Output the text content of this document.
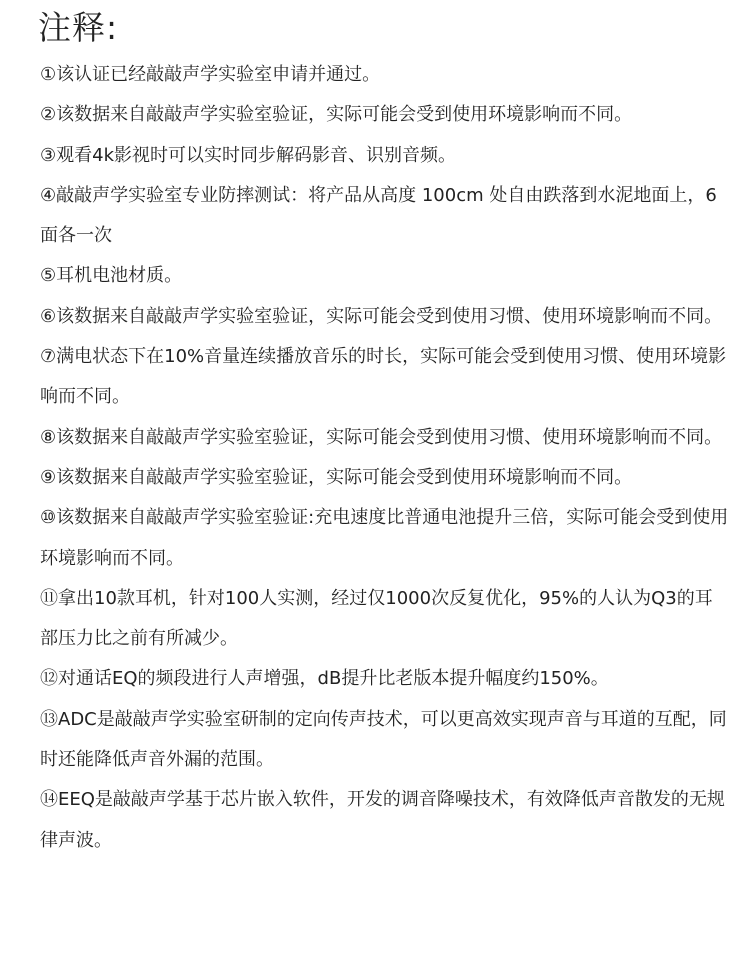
注释:
①该认证已经敲敲声学实验室申请并通过。
②该数据来自敲敲声学实验室验证，实际可能会受到使用环境影响而不同。
③观看4k影视时可以实时同步解码影音、识别音频。
④敲敲声学实验室专业防摔测试：将产品从高度 100cm 处自由跌落到水泥地面上，6面各一次
⑤耳机电池材质。
⑥该数据来自敲敲声学实验室验证，实际可能会受到使用习惯、使用环境影响而不同。
⑦满电状态下在10%音量连续播放音乐的时长，实际可能会受到使用习惯、使用环境影响而不同。
⑧该数据来自敲敲声学实验室验证，实际可能会受到使用习惯、使用环境影响而不同。
⑨该数据来自敲敲声学实验室验证，实际可能会受到使用环境影响而不同。
⑩该数据来自敲敲声学实验室验证:充电速度比普通电池提升三倍，实际可能会受到使用环境影响而不同。
⑪拿出10款耳机，针对100人实测，经过仅1000次反复优化，95%的人认为Q3的耳部压力比之前有所减少。
⑫对通话EQ的频段进行人声增强，dB提升比老版本提升幅度约150%。
⑬ADC是敲敲声学实验室研制的定向传声技术，可以更高效实现声音与耳道的互配，同时还能降低声音外漏的范围。
⑭EEQ是敲敲声学基于芯片嵌入软件，开发的调音降噪技术，有效降低声音散发的无规律声波。
